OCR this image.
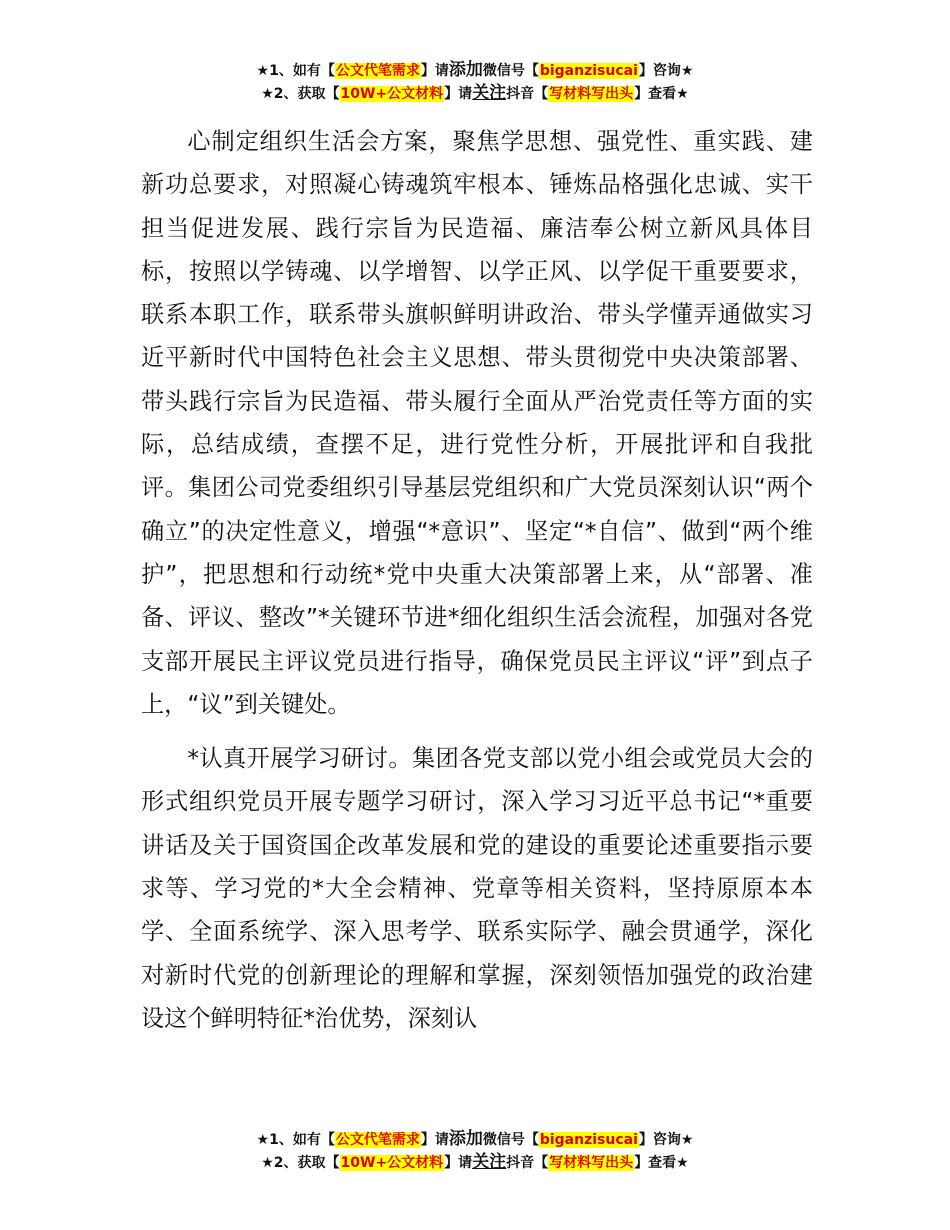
★1、如有【公文代笔需求】请添加微信号【biganzisucai】咨询★
★2、获取【10W+公文材料】请关注抖音【写材料写出头】查看★

心制定组织生活会方案，聚焦学思想、强党性、重实践、建新功总要求，对照凝心铸魂筑牢根本、锤炼品格强化忠诚、实干担当促进发展、践行宗旨为民造福、廉洁奉公树立新风具体目标，按照以学铸魂、以学增智、以学正风、以学促干重要要求，联系本职工作，联系带头旗帜鲜明讲政治、带头学懂弄通做实习近平新时代中国特色社会主义思想、带头贯彻党中央决策部署、带头践行宗旨为民造福、带头履行全面从严治党责任等方面的实际，总结成绩，查摆不足，进行党性分析，开展批评和自我批评。集团公司党委组织引导基层党组织和广大党员深刻认识“两个确立”的决定性意义，增强“*意识”、坚定“*自信”、做到“两个维护”，把思想和行动统*党中央重大决策部署上来，从“部署、准备、评议、整改”*关键环节进*细化组织生活会流程，加强对各党支部开展民主评议党员进行指导，确保党员民主评议“评”到点子上，“议”到关键处。

*认真开展学习研讨。集团各党支部以党小组会或党员大会的形式组织党员开展专题学习研讨，深入学习习近平总书记“*重要讲话及关于国资国企改革发展和党的建设的重要论述重要指示要求等、学习党的*大全会精神、党章等相关资料，坚持原原本本学、全面系统学、深入思考学、联系实际学、融会贯通学，深化对新时代党的创新理论的理解和掌握，深刻领悟加强党的政治建设这个鲜明特征*治优势，深刻认

★1、如有【公文代笔需求】请添加微信号【biganzisucai】咨询★
★2、获取【10W+公文材料】请关注抖音【写材料写出头】查看★
